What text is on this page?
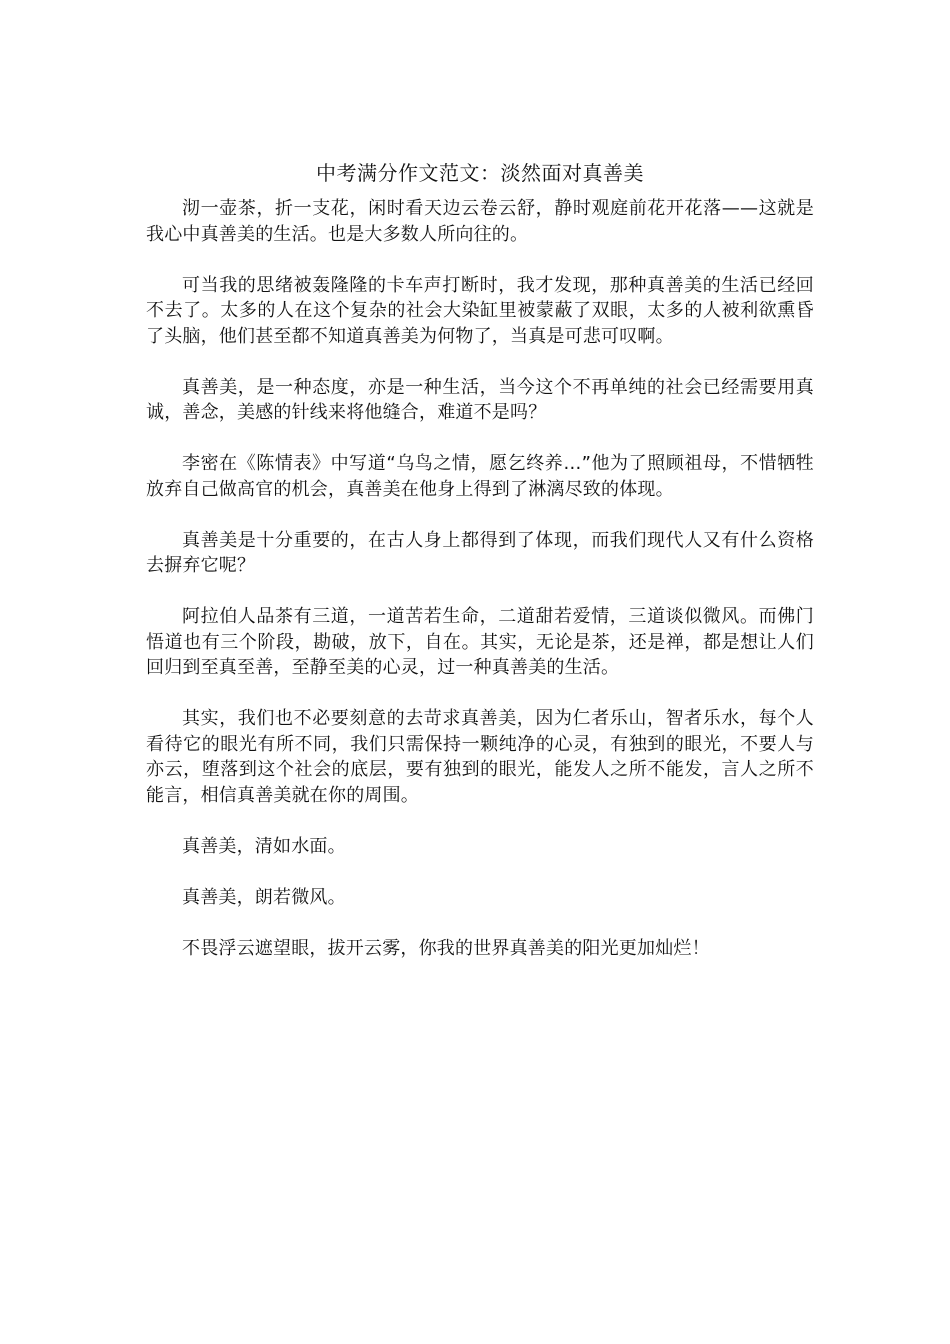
中考满分作文范文：淡然面对真善美

沏一壶茶，折一支花，闲时看天边云卷云舒，静时观庭前花开花落——这就是我心中真善美的生活。也是大多数人所向往的。

可当我的思绪被轰隆隆的卡车声打断时，我才发现，那种真善美的生活已经回不去了。太多的人在这个复杂的社会大染缸里被蒙蔽了双眼，太多的人被利欲熏昏了头脑，他们甚至都不知道真善美为何物了，当真是可悲可叹啊。

真善美，是一种态度，亦是一种生活，当今这个不再单纯的社会已经需要用真诚，善念，美感的针线来将他缝合，难道不是吗？

李密在《陈情表》中写道“乌鸟之情，愿乞终养…”他为了照顾祖母，不惜牺牲放弃自己做高官的机会，真善美在他身上得到了淋漓尽致的体现。

真善美是十分重要的，在古人身上都得到了体现，而我们现代人又有什么资格去摒弃它呢？

阿拉伯人品茶有三道，一道苦若生命，二道甜若爱情，三道谈似微风。而佛门悟道也有三个阶段，勘破，放下，自在。其实，无论是茶，还是禅，都是想让人们回归到至真至善，至静至美的心灵，过一种真善美的生活。

其实，我们也不必要刻意的去苛求真善美，因为仁者乐山，智者乐水，每个人看待它的眼光有所不同，我们只需保持一颗纯净的心灵，有独到的眼光，不要人与亦云，堕落到这个社会的底层，要有独到的眼光，能发人之所不能发，言人之所不能言，相信真善美就在你的周围。

真善美，清如水面。

真善美，朗若微风。

不畏浮云遮望眼，拔开云雾，你我的世界真善美的阳光更加灿烂！
